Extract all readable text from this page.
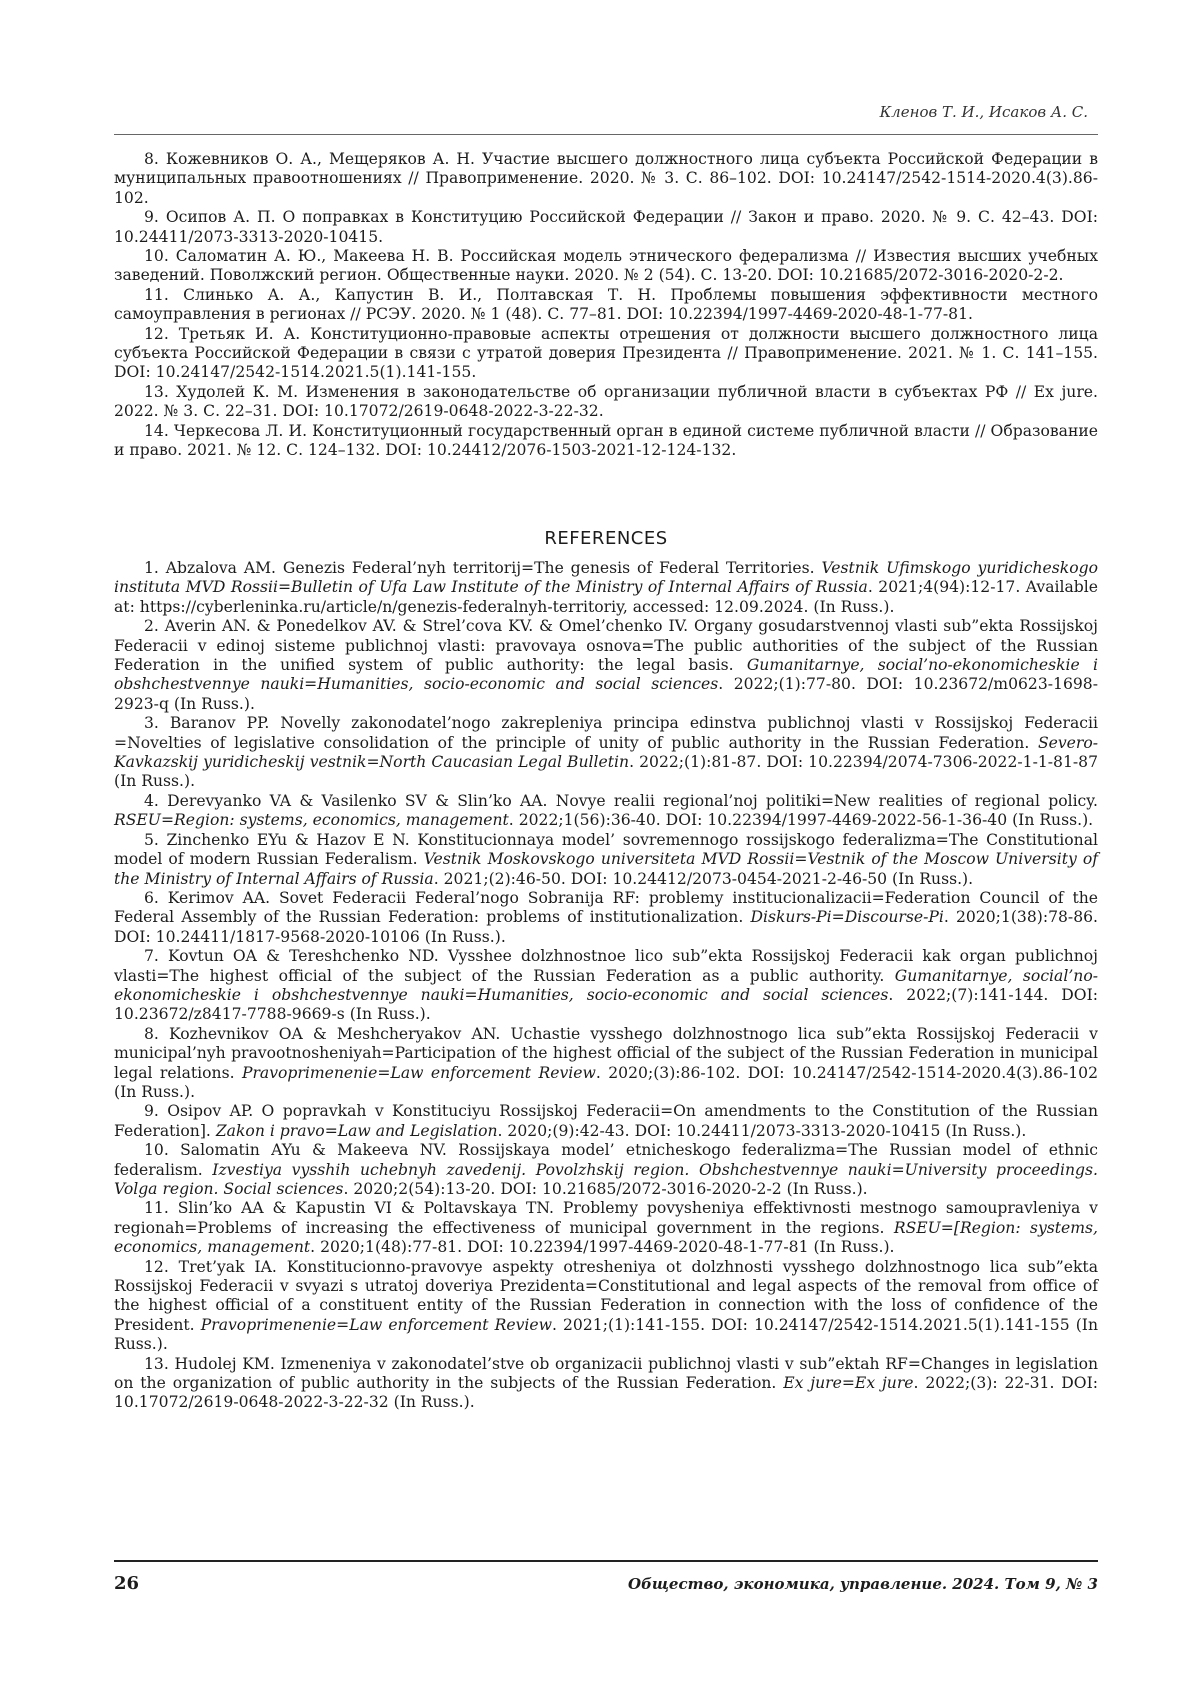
Кленов Т. И., Исаков А. С.

8. Кожевников О. А., Мещеряков А. Н. Участие высшего должностного лица субъекта Российской Федерации в муниципальных правоотношениях // Правоприменение. 2020. № 3. С. 86–102. DOI: 10.24147/2542-1514-2020.4(3).86-102.

9. Осипов А. П. О поправках в Конституцию Российской Федерации // Закон и право. 2020. № 9. С. 42–43. DOI: 10.24411/2073-3313-2020-10415.

10. Саломатин А. Ю., Макеева Н. В. Российская модель этнического федерализма // Известия высших учебных заведений. Поволжский регион. Общественные науки. 2020. № 2 (54). С. 13-20. DOI: 10.21685/2072-3016-2020-2-2.

11. Слинько А. А., Капустин В. И., Полтавская Т. Н. Проблемы повышения эффективности местного самоуправления в регионах // РСЭУ. 2020. № 1 (48). С. 77–81. DOI: 10.22394/1997-4469-2020-48-1-77-81.

12. Третьяк И. А. Конституционно-правовые аспекты отрешения от должности высшего должностного лица субъекта Российской Федерации в связи с утратой доверия Президента // Правоприменение. 2021. № 1. С. 141–155. DOI: 10.24147/2542-1514.2021.5(1).141-155.

13. Худолей К. М. Изменения в законодательстве об организации публичной власти в субъектах РФ // Ex jure. 2022. № 3. С. 22–31. DOI: 10.17072/2619-0648-2022-3-22-32.

14. Черкесова Л. И. Конституционный государственный орган в единой системе публичной власти // Образование и право. 2021. № 12. С. 124–132. DOI: 10.24412/2076-1503-2021-12-124-132.

REFERENCES

1. Abzalova AM. Genezis Federal’nyh territorij=The genesis of Federal Territories. Vestnik Ufimskogo yuridicheskogo instituta MVD Rossii=Bulletin of Ufa Law Institute of the Ministry of Internal Affairs of Russia. 2021;4(94):12-17. Available at: https://cyberleninka.ru/article/n/genezis-federalnyh-territoriy, accessed: 12.09.2024. (In Russ.).

2. Averin AN. & Ponedelkov AV. & Strel’cova KV. & Omel’chenko IV. Organy gosudarstvennoj vlasti sub”ekta Rossijskoj Federacii v edinoj sisteme publichnoj vlasti: pravovaya osnova=The public authorities of the subject of the Russian Federation in the unified system of public authority: the legal basis. Gumanitarnye, social’no-ekonomicheskie i obshchestvennye nauki=Humanities, socio-economic and social sciences. 2022;(1):77-80. DOI: 10.23672/m0623-1698-2923-q (In Russ.).

3. Baranov PP. Novelly zakonodatel’nogo zakrepleniya principa edinstva publichnoj vlasti v Rossijskoj Federacii =Novelties of legislative consolidation of the principle of unity of public authority in the Russian Federation. Severo-Kavkazskij yuridicheskij vestnik=North Caucasian Legal Bulletin. 2022;(1):81-87. DOI: 10.22394/2074-7306-2022-1-1-81-87 (In Russ.).

4. Derevyanko VA & Vasilenko SV & Slin’ko AA. Novye realii regional’noj politiki=New realities of regional policy. RSEU=Region: systems, economics, management. 2022;1(56):36-40. DOI: 10.22394/1997-4469-2022-56-1-36-40 (In Russ.).

5. Zinchenko EYu & Hazov E N. Konstitucionnaya model’ sovremennogo rossijskogo federalizma=The Constitutional model of modern Russian Federalism. Vestnik Moskovskogo universiteta MVD Rossii=Vestnik of the Moscow University of the Ministry of Internal Affairs of Russia. 2021;(2):46-50. DOI: 10.24412/2073-0454-2021-2-46-50 (In Russ.).

6. Kerimov AA. Sovet Federacii Federal’nogo Sobranija RF: problemy institucionalizacii=Federation Council of the Federal Assembly of the Russian Federation: problems of institutionalization. Diskurs-Pi=Discourse-Pi. 2020;1(38):78-86. DOI: 10.24411/1817-9568-2020-10106 (In Russ.).

7. Kovtun OA & Tereshchenko ND. Vysshee dolzhnostnoe lico sub”ekta Rossijskoj Federacii kak organ publichnoj vlasti=The highest official of the subject of the Russian Federation as a public authority. Gumanitarnye, social’no-ekonomicheskie i obshchestvennye nauki=Humanities, socio-economic and social sciences. 2022;(7):141-144. DOI: 10.23672/z8417-7788-9669-s (In Russ.).

8. Kozhevnikov OA & Meshcheryakov AN. Uchastie vysshego dolzhnostnogo lica sub”ekta Rossijskoj Federacii v municipal’nyh pravootnosheniyah=Participation of the highest official of the subject of the Russian Federation in municipal legal relations. Pravoprimenenie=Law enforcement Review. 2020;(3):86-102. DOI: 10.24147/2542-1514-2020.4(3).86-102 (In Russ.).

9. Osipov AP. O popravkah v Konstituciyu Rossijskoj Federacii=On amendments to the Constitution of the Russian Federation]. Zakon i pravo=Law and Legislation. 2020;(9):42-43. DOI: 10.24411/2073-3313-2020-10415 (In Russ.).

10. Salomatin AYu & Makeeva NV. Rossijskaya model’ etnicheskogo federalizma=The Russian model of ethnic federalism. Izvestiya vysshih uchebnyh zavedenij. Povolzhskij region. Obshchestvennye nauki=University proceedings. Volga region. Social sciences. 2020;2(54):13-20. DOI: 10.21685/2072-3016-2020-2-2 (In Russ.).

11. Slin’ko AA & Kapustin VI & Poltavskaya TN. Problemy povysheniya effektivnosti mestnogo samoupravleniya v regionah=Problems of increasing the effectiveness of municipal government in the regions. RSEU=[Region: systems, economics, management. 2020;1(48):77-81. DOI: 10.22394/1997-4469-2020-48-1-77-81 (In Russ.).

12. Tret’yak IA. Konstitucionno-pravovye aspekty otresheniya ot dolzhnosti vysshego dolzhnostnogo lica sub”ekta Rossijskoj Federacii v svyazi s utratoj doveriya Prezidenta=Constitutional and legal aspects of the removal from office of the highest official of a constituent entity of the Russian Federation in connection with the loss of confidence of the President. Pravoprimenenie=Law enforcement Review. 2021;(1):141-155. DOI: 10.24147/2542-1514.2021.5(1).141-155 (In Russ.).

13. Hudolej KM. Izmeneniya v zakonodatel’stve ob organizacii publichnoj vlasti v sub”ektah RF=Changes in legislation on the organization of public authority in the subjects of the Russian Federation. Ex jure=Ex jure. 2022;(3): 22-31. DOI: 10.17072/2619-0648-2022-3-22-32 (In Russ.).

26	Общество, экономика, управление. 2024. Том 9, № 3
